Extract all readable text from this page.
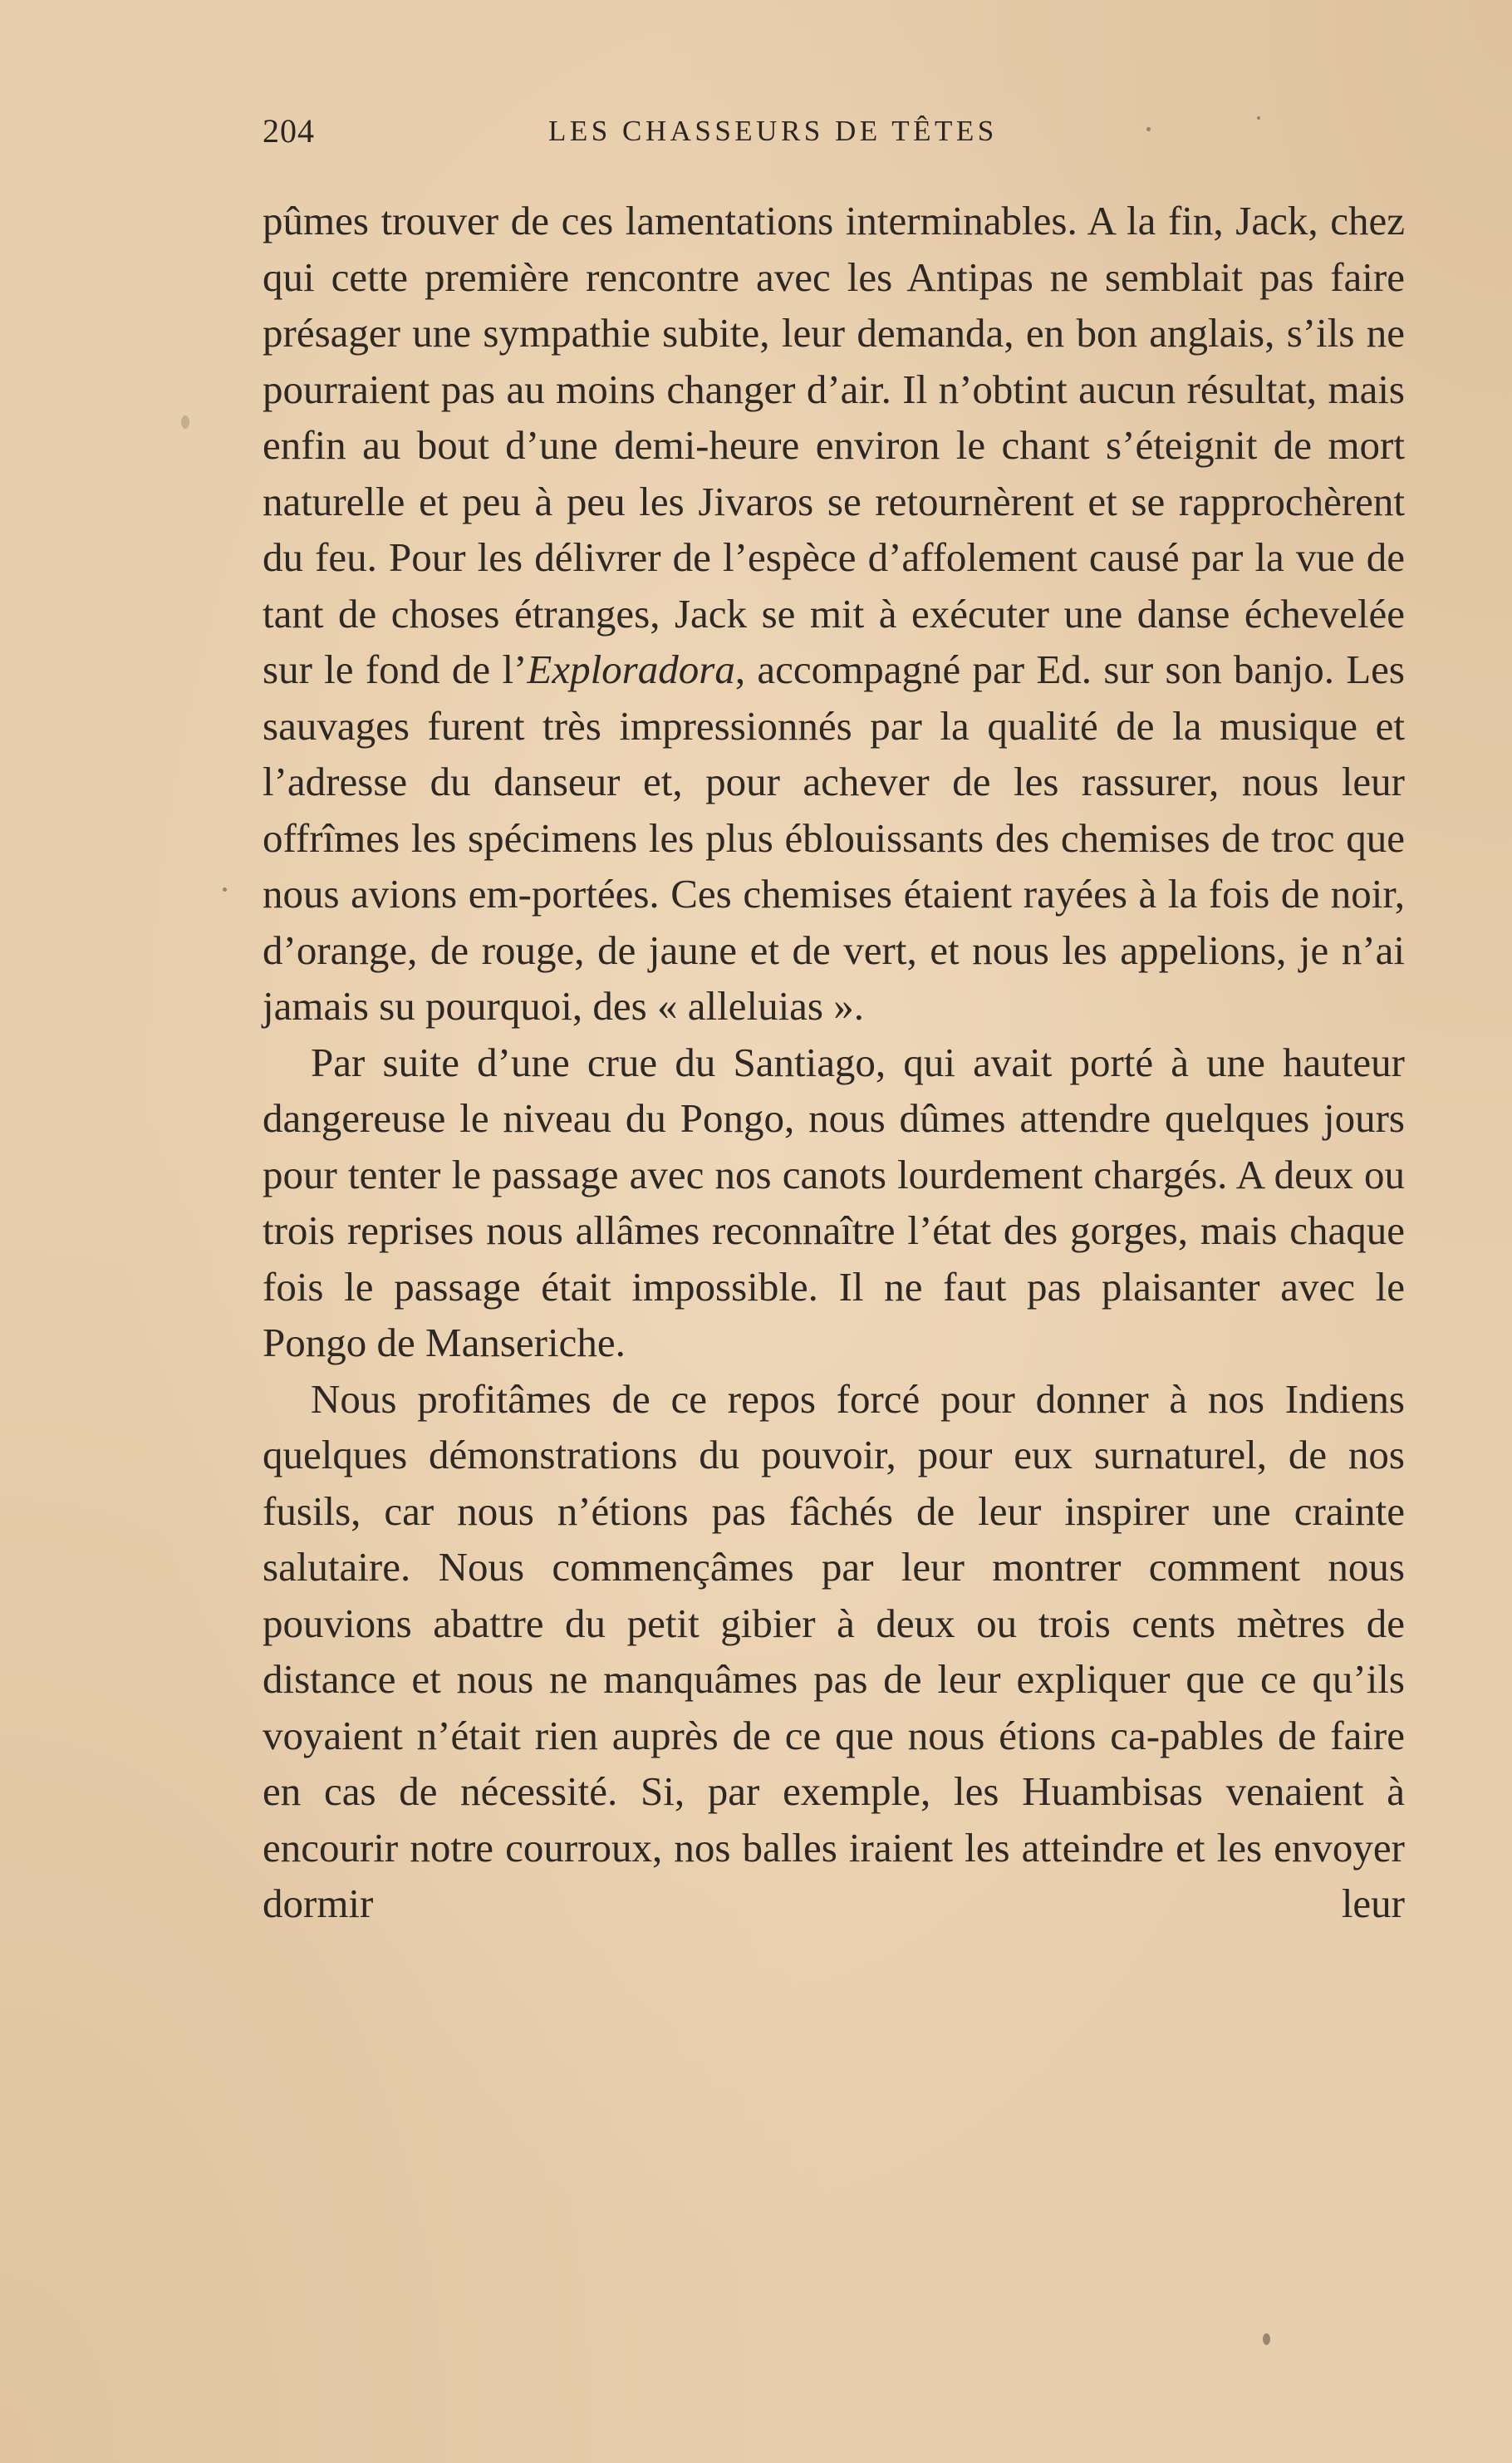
204	LES CHASSEURS DE TÊTES

pûmes trouver de ces lamentations interminables. A la fin, Jack, chez qui cette première rencontre avec les Antipas ne semblait pas faire présager une sympathie subite, leur demanda, en bon anglais, s’ils ne pourraient pas au moins changer d’air. Il n’obtint aucun résultat, mais enfin au bout d’une demi-heure environ le chant s’éteignit de mort naturelle et peu à peu les Jivaros se retournèrent et se rapprochèrent du feu. Pour les délivrer de l’espèce d’affolement causé par la vue de tant de choses étranges, Jack se mit à exécuter une danse échevelée sur le fond de l’Exploradora, accompagné par Ed. sur son banjo. Les sauvages furent très impressionnés par la qualité de la musique et l’adresse du danseur et, pour achever de les rassurer, nous leur offrîmes les spécimens les plus éblouissants des chemises de troc que nous avions em-portées. Ces chemises étaient rayées à la fois de noir, d’orange, de rouge, de jaune et de vert, et nous les appelions, je n’ai jamais su pourquoi, des « alleluias ».

Par suite d’une crue du Santiago, qui avait porté à une hauteur dangereuse le niveau du Pongo, nous dûmes attendre quelques jours pour tenter le passage avec nos canots lourdement chargés. A deux ou trois reprises nous allâmes reconnaître l’état des gorges, mais chaque fois le passage était impossible. Il ne faut pas plaisanter avec le Pongo de Manseriche.

Nous profitâmes de ce repos forcé pour donner à nos Indiens quelques démonstrations du pouvoir, pour eux surnaturel, de nos fusils, car nous n’étions pas fâchés de leur inspirer une crainte salutaire. Nous commençâmes par leur montrer comment nous pouvions abattre du petit gibier à deux ou trois cents mètres de distance et nous ne manquâmes pas de leur expliquer que ce qu’ils voyaient n’était rien auprès de ce que nous étions ca-pables de faire en cas de nécessité. Si, par exemple, les Huambisas venaient à encourir notre courroux, nos balles iraient les atteindre et les envoyer dormir leur
